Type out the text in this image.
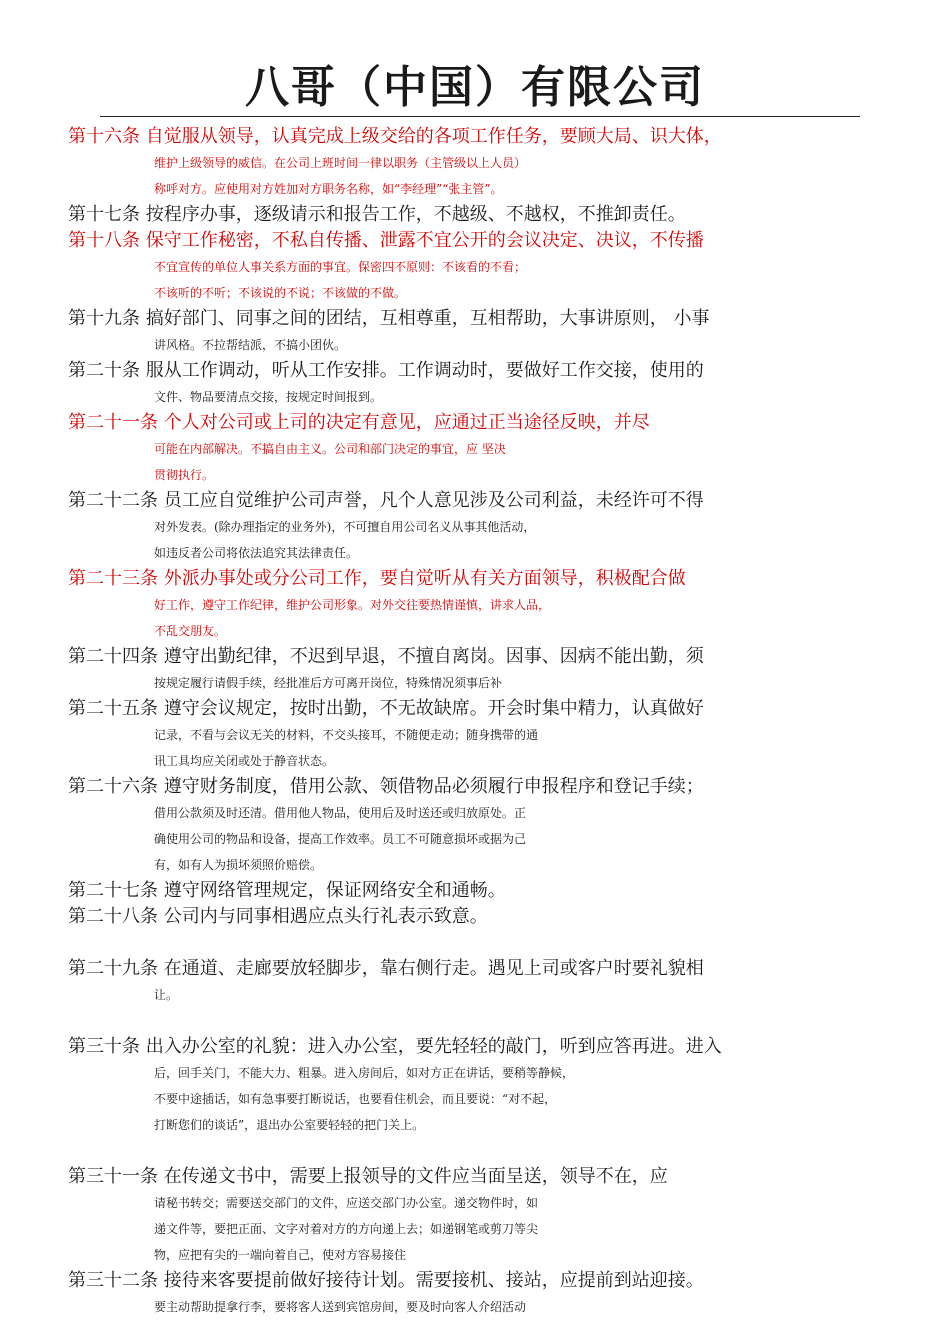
八哥（中国）有限公司
第十六条 自觉服从领导，认真完成上级交给的各项工作任务，要顾大局、识大体，
维护上级领导的威信。在公司上班时间一律以职务（主管级以上人员）
称呼对方。应使用对方姓加对方职务名称，如“李经理”“张主管”。
第十七条 按程序办事，逐级请示和报告工作，不越级、不越权，不推卸责任。
第十八条 保守工作秘密，不私自传播、泄露不宜公开的会议决定、决议，不传播
不宜宣传的单位人事关系方面的事宜。保密四不原则：不该看的不看；
不该听的不听；不该说的不说；不该做的不做。
第十九条 搞好部门、同事之间的团结，互相尊重，互相帮助，大事讲原则， 小事
讲风格。不拉帮结派，不搞小团伙。
第二十条 服从工作调动，听从工作安排。工作调动时，要做好工作交接，使用的
文件、物品要清点交接，按规定时间报到。
第二十一条 个人对公司或上司的决定有意见，应通过正当途径反映，并尽
可能在内部解决。不搞自由主义。公司和部门决定的事宜，应 坚决
贯彻执行。
第二十二条 员工应自觉维护公司声誉，凡个人意见涉及公司利益，未经许可不得
对外发表。(除办理指定的业务外)，不可擅自用公司名义从事其他活动，
如违反者公司将依法追究其法律责任。
第二十三条 外派办事处或分公司工作，要自觉听从有关方面领导，积极配合做
好工作，遵守工作纪律，维护公司形象。对外交往要热情谨慎，讲求人品，
不乱交朋友。
第二十四条 遵守出勤纪律，不迟到早退，不擅自离岗。因事、因病不能出勤，须
按规定履行请假手续，经批准后方可离开岗位，特殊情况须事后补
第二十五条 遵守会议规定，按时出勤，不无故缺席。开会时集中精力，认真做好
记录，不看与会议无关的材料，不交头接耳，不随便走动；随身携带的通
讯工具均应关闭或处于静音状态。
第二十六条 遵守财务制度，借用公款、领借物品必须履行申报程序和登记手续；
借用公款须及时还清。借用他人物品，使用后及时送还或归放原处。正
确使用公司的物品和设备，提高工作效率。员工不可随意损坏或据为己
有，如有人为损坏须照价赔偿。
第二十七条 遵守网络管理规定，保证网络安全和通畅。
第二十八条 公司内与同事相遇应点头行礼表示致意。
第二十九条 在通道、走廊要放轻脚步，靠右侧行走。遇见上司或客户时要礼貌相
让。
第三十条 出入办公室的礼貌：进入办公室，要先轻轻的敲门，听到应答再进。进入
后，回手关门，不能大力、粗暴。进入房间后，如对方正在讲话，要稍等静候，
不要中途插话，如有急事要打断说话，也要看住机会，而且要说：“对不起，
打断您们的谈话”，退出办公室要轻轻的把门关上。
第三十一条 在传递文书中，需要上报领导的文件应当面呈送，领导不在，应
请秘书转交；需要送交部门的文件，应送交部门办公室。递交物件时，如
递文件等，要把正面、文字对着对方的方向递上去；如递钢笔或剪刀等尖
物，应把有尖的一端向着自己，使对方容易接住
第三十二条 接待来客要提前做好接待计划。需要接机、接站，应提前到站迎接。
要主动帮助提拿行李，要将客人送到宾馆房间，要及时向客人介绍活动
